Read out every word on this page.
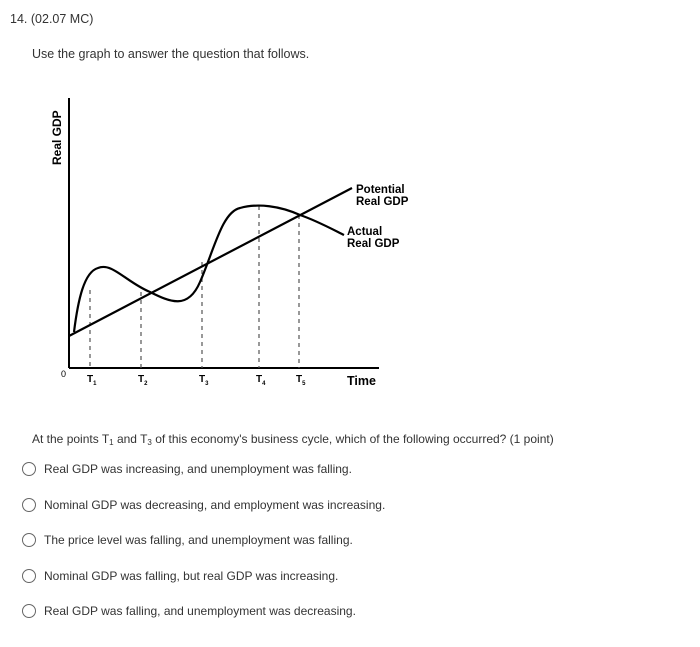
14. (02.07 MC)
Use the graph to answer the question that follows.
0
Real GDP
Time
Potential
Real GDP
Actual
Real GDP
$T_1$	$T_2$	$T_3$	$T_4$	$T_5$
At the points $T_1$ and $T_3$ of this economy's business cycle, which of the following occurred? (1 point)
Real GDP was increasing, and unemployment was falling.
Nominal GDP was decreasing, and employment was increasing.
The price level was falling, and unemployment was falling.
Nominal GDP was falling, but real GDP was increasing.
Real GDP was falling, and unemployment was decreasing.
